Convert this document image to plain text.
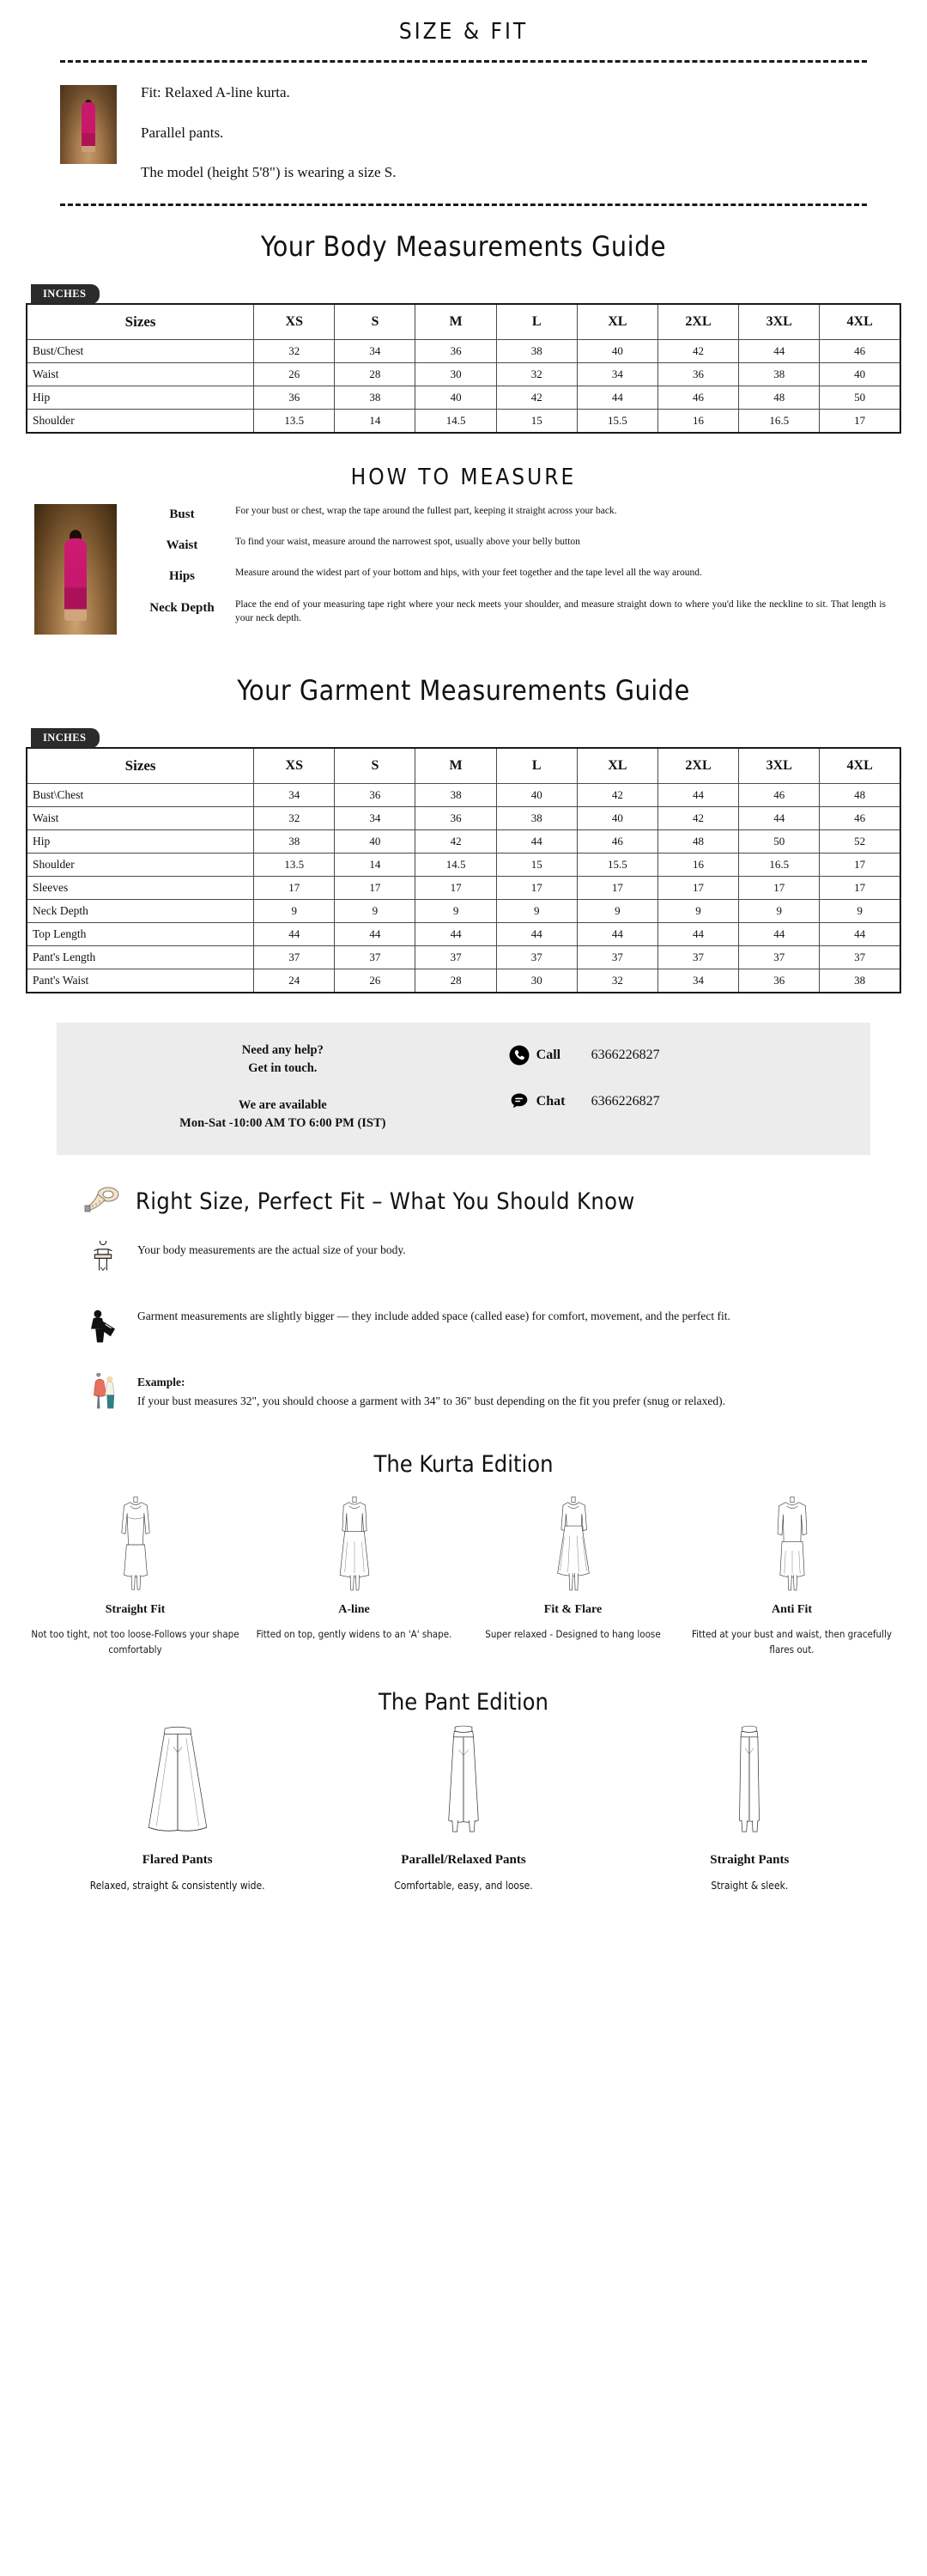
SIZE & FIT

Fit: Relaxed A-line kurta.

Parallel pants.

The model (height 5'8") is wearing a size S.

Your Body Measurements Guide
INCHES
Sizes	XS	S	M	L	XL	2XL	3XL	4XL
Bust/Chest	32	34	36	38	40	42	44	46
Waist	26	28	30	32	34	36	38	40
Hip	36	38	40	42	44	46	48	50
Shoulder	13.5	14	14.5	15	15.5	16	16.5	17
HOW TO MEASURE
Bust	For your bust or chest, wrap the tape around the fullest part, keeping it straight across your back.
Waist	To find your waist, measure around the narrowest spot, usually above your belly button
Hips	Measure around the widest part of your bottom and hips, with your feet together and the tape level all the way around.
Neck Depth	Place the end of your measuring tape right where your neck meets your shoulder, and measure straight down to where you'd like the neckline to sit. That length is your neck depth.
Your Garment Measurements Guide
INCHES
Sizes	XS	S	M	L	XL	2XL	3XL	4XL
Bust\Chest	34	36	38	40	42	44	46	48
Waist	32	34	36	38	40	42	44	46
Hip	38	40	42	44	46	48	50	52
Shoulder	13.5	14	14.5	15	15.5	16	16.5	17
Sleeves	17	17	17	17	17	17	17	17
Neck Depth	9	9	9	9	9	9	9	9
Top Length	44	44	44	44	44	44	44	44
Pant's Length	37	37	37	37	37	37	37	37
Pant's Waist	24	26	28	30	32	34	36	38
Need any help?
Get in touch.
We are available
Mon-Sat -10:00 AM TO 6:00 PM (IST)
Call	6366226827
Chat	6366226827
Right Size, Perfect Fit – What You Should Know
Your body measurements are the actual size of your body.
Garment measurements are slightly bigger — they include added space (called ease) for comfort, movement, and the perfect fit.
Example:
If your bust measures 32", you should choose a garment with 34" to 36" bust depending on the fit you prefer (snug or relaxed).
The Kurta Edition
Straight Fit
Not too tight, not too loose-Follows your shape comfortably
A-line
Fitted on top, gently widens to an 'A' shape.
Fit & Flare
Super relaxed - Designed to hang loose
Anti Fit
Fitted at your bust and waist, then gracefully flares out.
The Pant Edition
Flared Pants
Relaxed, straight & consistently wide.
Parallel/Relaxed Pants
Comfortable, easy, and loose.
Straight Pants
Straight & sleek.
